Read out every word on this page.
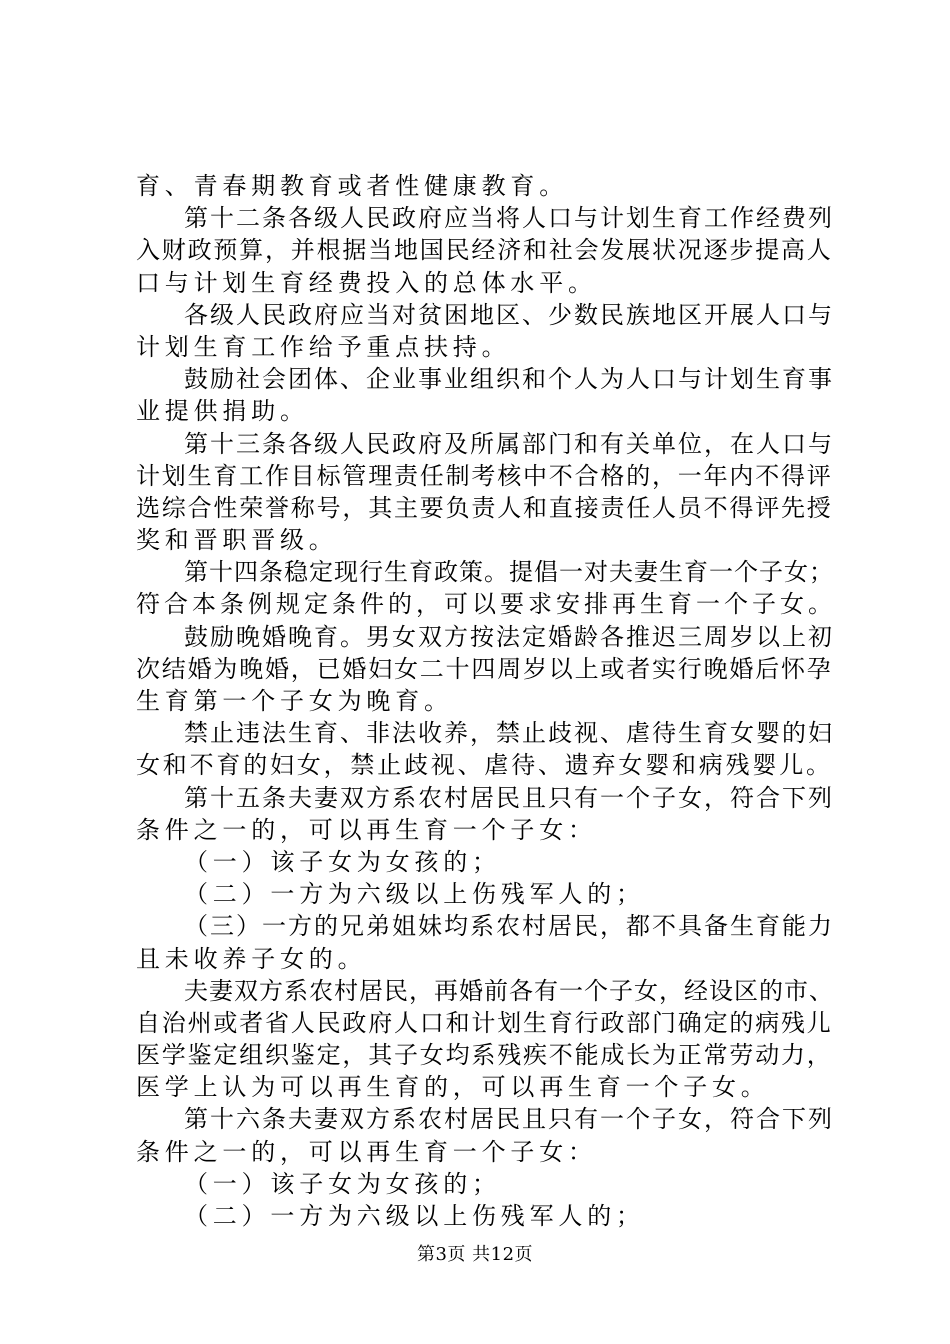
育、青春期教育或者性健康教育。
第十二条各级人民政府应当将人口与计划生育工作经费列
入财政预算，并根据当地国民经济和社会发展状况逐步提高人
口与计划生育经费投入的总体水平。
各级人民政府应当对贫困地区、少数民族地区开展人口与
计划生育工作给予重点扶持。
鼓励社会团体、企业事业组织和个人为人口与计划生育事
业提供捐助。
第十三条各级人民政府及所属部门和有关单位，在人口与
计划生育工作目标管理责任制考核中不合格的，一年内不得评
选综合性荣誉称号，其主要负责人和直接责任人员不得评先授
奖和晋职晋级。
第十四条稳定现行生育政策。提倡一对夫妻生育一个子女；
符合本条例规定条件的，可以要求安排再生育一个子女。
鼓励晚婚晚育。男女双方按法定婚龄各推迟三周岁以上初
次结婚为晚婚，已婚妇女二十四周岁以上或者实行晚婚后怀孕
生育第一个子女为晚育。
禁止违法生育、非法收养，禁止歧视、虐待生育女婴的妇
女和不育的妇女，禁止歧视、虐待、遗弃女婴和病残婴儿。
第十五条夫妻双方系农村居民且只有一个子女，符合下列
条件之一的，可以再生育一个子女：
（一）该子女为女孩的；
（二）一方为六级以上伤残军人的；
（三）一方的兄弟姐妹均系农村居民，都不具备生育能力
且未收养子女的。
夫妻双方系农村居民，再婚前各有一个子女，经设区的市、
自治州或者省人民政府人口和计划生育行政部门确定的病残儿
医学鉴定组织鉴定，其子女均系残疾不能成长为正常劳动力，
医学上认为可以再生育的，可以再生育一个子女。
第十六条夫妻双方系农村居民且只有一个子女，符合下列
条件之一的，可以再生育一个子女：
（一）该子女为女孩的；
（二）一方为六级以上伤残军人的；
第3页 共12页
